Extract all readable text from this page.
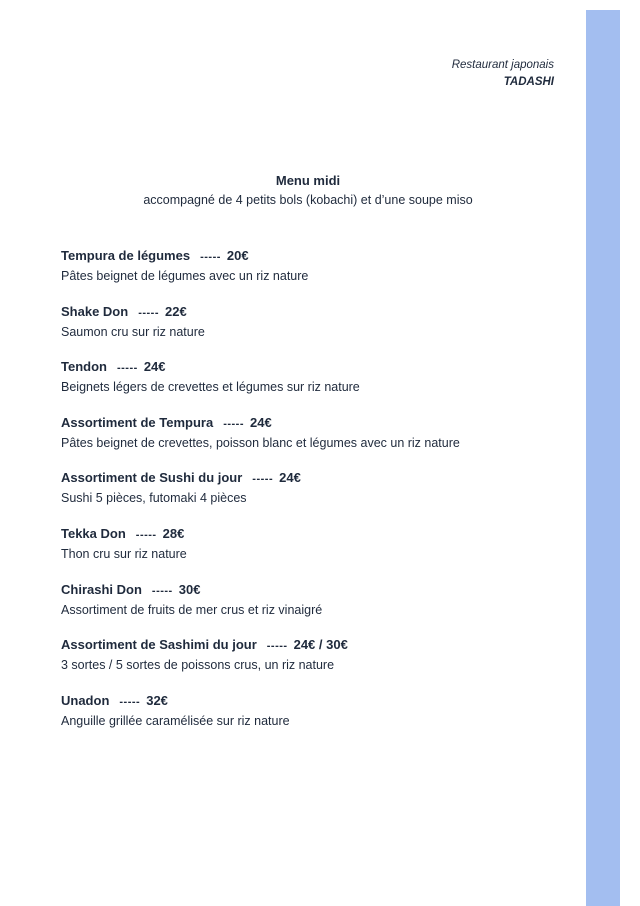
Restaurant japonais
TADASHI
Menu midi
accompagné de 4 petits bols (kobachi) et d’une soupe miso
Tempura de légumes ----- 20€
Pâtes beignet de légumes avec un riz nature
Shake Don ----- 22€
Saumon cru sur riz nature
Tendon ----- 24€
Beignets légers de crevettes et légumes sur riz nature
Assortiment de Tempura ----- 24€
Pâtes beignet de crevettes, poisson blanc et légumes avec un riz nature
Assortiment de Sushi du jour ----- 24€
Sushi 5 pièces, futomaki 4 pièces
Tekka Don ----- 28€
Thon cru sur riz nature
Chirashi Don ----- 30€
Assortiment de fruits de mer crus et riz vinaigré
Assortiment de Sashimi du jour ----- 24€ / 30€
3 sortes / 5 sortes de poissons crus, un riz nature
Unadon ----- 32€
Anguille grillée caramélisée sur riz nature
